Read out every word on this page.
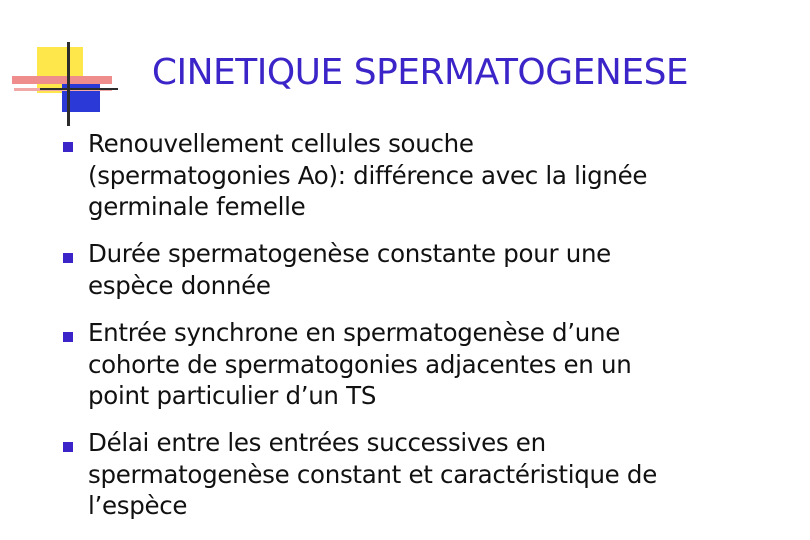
CINETIQUE SPERMATOGENESE
Renouvellement cellules souche
(spermatogonies Ao): différence avec la lignée
germinale femelle
Durée spermatogenèse constante pour une
espèce donnée
Entrée synchrone en spermatogenèse d’une
cohorte de spermatogonies adjacentes en un
point particulier d’un TS
Délai entre les entrées successives en
spermatogenèse constant et caractéristique de
l’espèce
